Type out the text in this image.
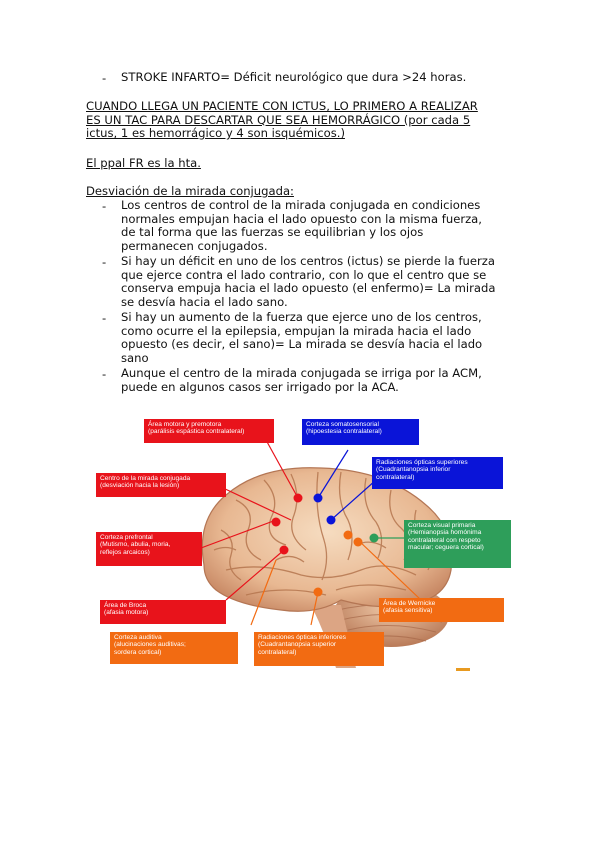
- STROKE INFARTO= Déficit neurológico que dura >24 horas.
CUANDO LLEGA UN PACIENTE CON ICTUS, LO PRIMERO A REALIZAR
ES UN TAC PARA DESCARTAR QUE SEA HEMORRÁGICO (por cada 5
ictus, 1 es hemorrágico y 4 son isquémicos.)
El ppal FR es la hta.
Desviación de la mirada conjugada:
- Los centros de control de la mirada conjugada en condiciones
normales empujan hacia el lado opuesto con la misma fuerza,
de tal forma que las fuerzas se equilibrian y los ojos
permanecen conjugados.
- Si hay un déficit en uno de los centros (ictus) se pierde la fuerza
que ejerce contra el lado contrario, con lo que el centro que se
conserva empuja hacia el lado opuesto (el enfermo)= La mirada
se desvía hacia el lado sano.
- Si hay un aumento de la fuerza que ejerce uno de los centros,
como ocurre el la epilepsia, empujan la mirada hacia el lado
opuesto (es decir, el sano)= La mirada se desvía hacia el lado
sano
- Aunque el centro de la mirada conjugada se irriga por la ACM,
puede en algunos casos ser irrigado por la ACA.
Área motora y premotora
(parálisis espástica contralateral)
Corteza somatosensorial
(hipoestesia contralateral)
Radiaciones ópticas superiores
(Cuadrantanopsia inferior
contralateral)
Centro de la mirada conjugada
(desviación hacia la lesión)
Corteza visual primaria
(Hemianopsia homónima
contralateral con respeto
macular; ceguera cortical)
Corteza prefrontal
(Mutismo, abulia, moria,
reflejos arcaicos)
Área de Broca
(afasia motora)
Área de Wernicke
(afasia sensitiva)
Corteza auditiva
(alucinaciones auditivas;
sordera cortical)
Radiaciones ópticas inferiores
(Cuadrantanopsia superior
contralateral)
